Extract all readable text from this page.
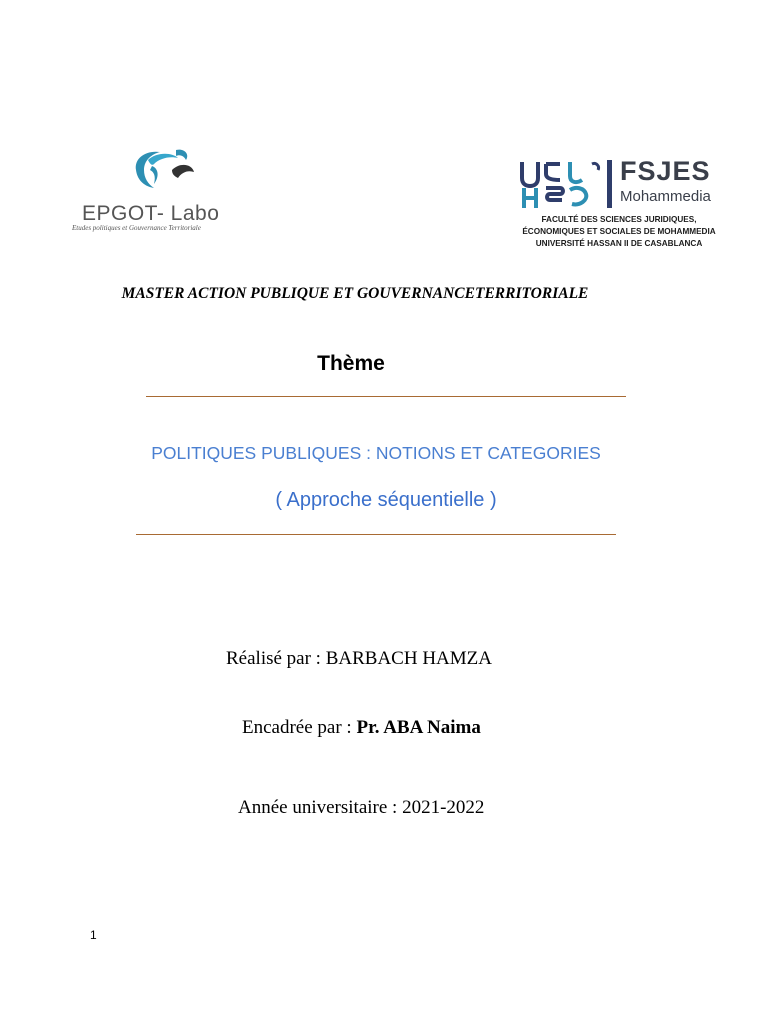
EPGOT- Labo
Etudes politiques et Gouvernance Territoriale
FSJES
Mohammedia
FACULTÉ DES SCIENCES JURIDIQUES,
ÉCONOMIQUES ET SOCIALES DE MOHAMMEDIA
UNIVERSITÉ HASSAN II DE CASABLANCA
MASTER ACTION PUBLIQUE ET GOUVERNANCETERRITORIALE
Thème
POLITIQUES PUBLIQUES : NOTIONS ET CATEGORIES
( Approche séquentielle )
Réalisé par : BARBACH HAMZA
Encadrée par : Pr. ABA Naima
Année universitaire : 2021-2022
1
